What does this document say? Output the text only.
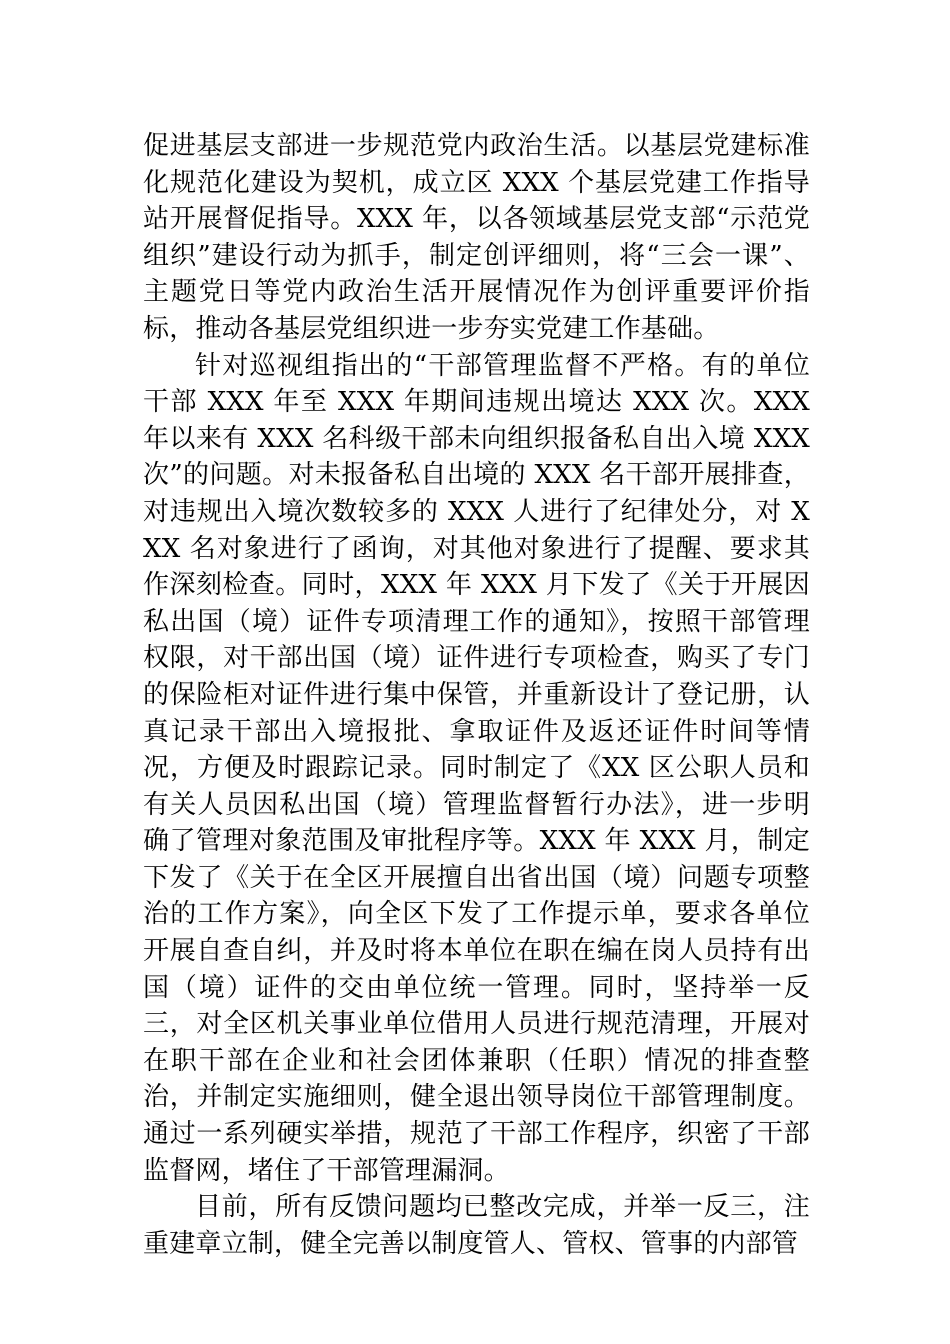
促进基层支部进一步规范党内政治生活。以基层党建标准化规范化建设为契机，成立区 XXX 个基层党建工作指导站开展督促指导。XXX 年，以各领域基层党支部“示范党组织”建设行动为抓手，制定创评细则，将“三会一课”、主题党日等党内政治生活开展情况作为创评重要评价指标，推动各基层党组织进一步夯实党建工作基础。

针对巡视组指出的“干部管理监督不严格。有的单位干部 XXX 年至 XXX 年期间违规出境达 XXX 次。XXX 年以来有 XXX 名科级干部未向组织报备私自出入境 XXX 次”的问题。对未报备私自出境的 XXX 名干部开展排查，对违规出入境次数较多的 XXX 人进行了纪律处分，对 XXX 名对象进行了函询，对其他对象进行了提醒、要求其作深刻检查。同时，XXX 年 XXX 月下发了《关于开展因私出国（境）证件专项清理工作的通知》，按照干部管理权限，对干部出国（境）证件进行专项检查，购买了专门的保险柜对证件进行集中保管，并重新设计了登记册，认真记录干部出入境报批、拿取证件及返还证件时间等情况，方便及时跟踪记录。同时制定了《XX 区公职人员和有关人员因私出国（境）管理监督暂行办法》，进一步明确了管理对象范围及审批程序等。XXX 年 XXX 月，制定下发了《关于在全区开展擅自出省出国（境）问题专项整治的工作方案》，向全区下发了工作提示单，要求各单位开展自查自纠，并及时将本单位在职在编在岗人员持有出国（境）证件的交由单位统一管理。同时，坚持举一反三，对全区机关事业单位借用人员进行规范清理，开展对在职干部在企业和社会团体兼职（任职）情况的排查整治，并制定实施细则，健全退出领导岗位干部管理制度。通过一系列硬实举措，规范了干部工作程序，织密了干部监督网，堵住了干部管理漏洞。

目前，所有反馈问题均已整改完成，并举一反三，注重建章立制，健全完善以制度管人、管权、管事的内部管
